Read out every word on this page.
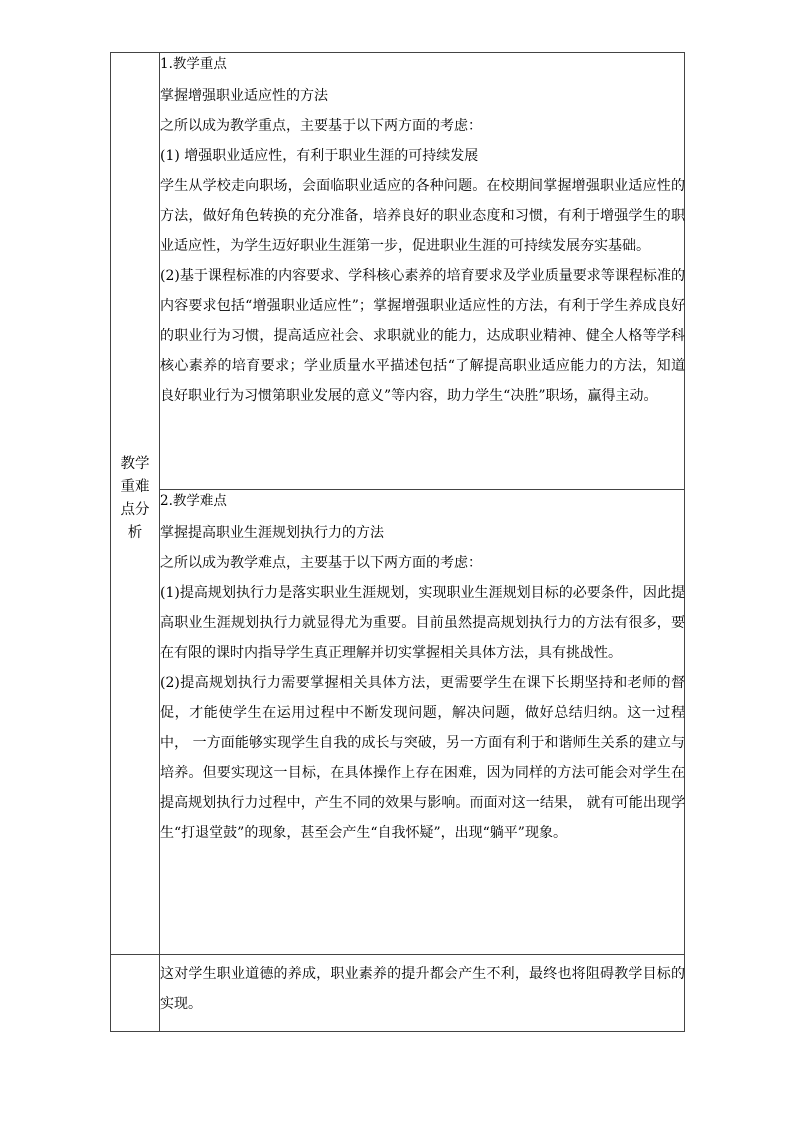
教学
重难
点分
析

1.教学重点

掌握增强职业适应性的方法

之所以成为教学重点，主要基于以下两方面的考虑：

(1) 增强职业适应性，有利于职业生涯的可持续发展

学生从学校走向职场，会面临职业适应的各种问题。在校期间掌握增强职业适应性的方法，做好角色转换的充分准备，培养良好的职业态度和习惯，有利于增强学生的职业适应性，为学生迈好职业生涯第一步，促进职业生涯的可持续发展夯实基础。

(2)基于课程标准的内容要求、学科核心素养的培育要求及学业质量要求等课程标准的内容要求包括“增强职业适应性”；掌握增强职业适应性的方法，有利于学生养成良好的职业行为习惯，提高适应社会、求职就业的能力，达成职业精神、健全人格等学科核心素养的培育要求；学业质量水平描述包括“了解提高职业适应能力的方法，知道良好职业行为习惯第职业发展的意义”等内容，助力学生“决胜”职场，赢得主动。

2.教学难点

掌握提高职业生涯规划执行力的方法

之所以成为教学难点，主要基于以下两方面的考虑：

(1)提高规划执行力是落实职业生涯规划，实现职业生涯规划目标的必要条件，因此提高职业生涯规划执行力就显得尤为重要。目前虽然提高规划执行力的方法有很多，要在有限的课时内指导学生真正理解并切实掌握相关具体方法，具有挑战性。

(2)提高规划执行力需要掌握相关具体方法，更需要学生在课下长期坚持和老师的督促，才能使学生在运用过程中不断发现问题，解决问题，做好总结归纳。这一过程中， 一方面能够实现学生自我的成长与突破，另一方面有利于和谐师生关系的建立与培养。但要实现这一目标，在具体操作上存在困难，因为同样的方法可能会对学生在提高规划执行力过程中，产生不同的效果与影响。而面对这一结果， 就有可能出现学生“打退堂鼓”的现象，甚至会产生“自我怀疑”，出现“躺平”现象。

这对学生职业道德的养成，职业素养的提升都会产生不利，最终也将阻碍教学目标的实现。
